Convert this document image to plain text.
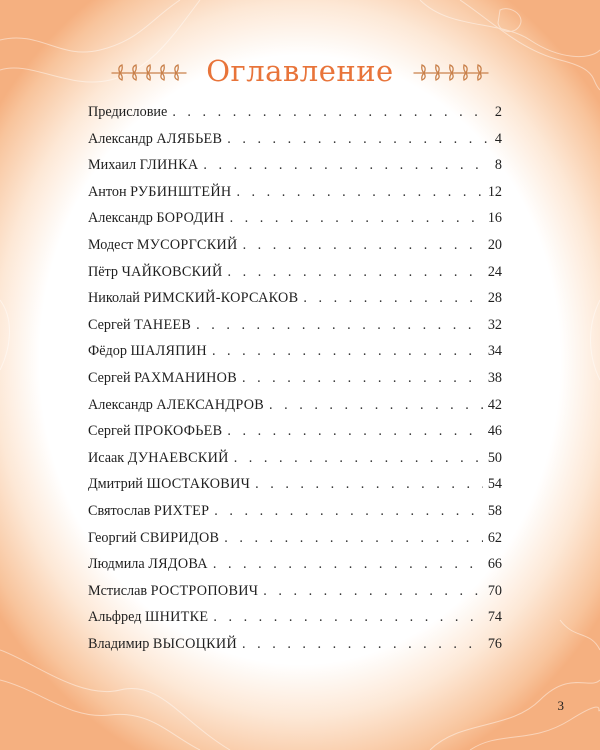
Оглавление
Предисловие . . .	2
Александр АЛЯБЬЕВ . . .	4
Михаил ГЛИНКА . . .	8
Антон РУБИНШТЕЙН . . .	12
Александр БОРОДИН . . .	16
Модест МУСОРГСКИЙ . . .	20
Пётр ЧАЙКОВСКИЙ . . .	24
Николай РИМСКИЙ-КОРСАКОВ . . .	28
Сергей ТАНЕЕВ . . .	32
Фёдор ШАЛЯПИН . . .	34
Сергей РАХМАНИНОВ . . .	38
Александр АЛЕКСАНДРОВ . . .	42
Сергей ПРОКОФЬЕВ . . .	46
Исаак ДУНАЕВСКИЙ . . .	50
Дмитрий ШОСТАКОВИЧ . . .	54
Святослав РИХТЕР . . .	58
Георгий СВИРИДОВ . . .	62
Людмила ЛЯДОВА . . .	66
Мстислав РОСТРОПОВИЧ . . .	70
Альфред ШНИТКЕ . . .	74
Владимир ВЫСОЦКИЙ . . .	76
3
